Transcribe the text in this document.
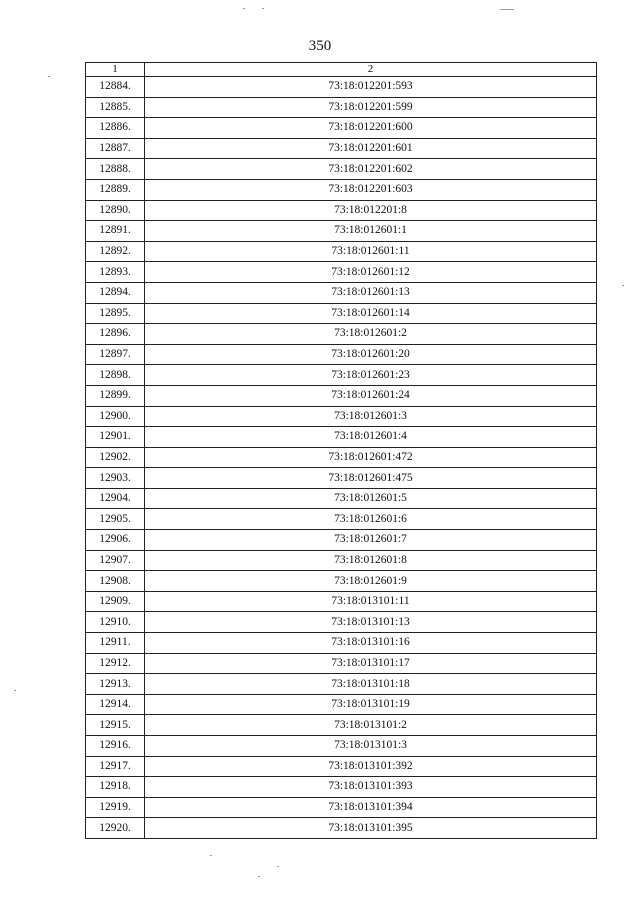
350
1	2
12884.	73:18:012201:593
12885.	73:18:012201:599
12886.	73:18:012201:600
12887.	73:18:012201:601
12888.	73:18:012201:602
12889.	73:18:012201:603
12890.	73:18:012201:8
12891.	73:18:012601:1
12892.	73:18:012601:11
12893.	73:18:012601:12
12894.	73:18:012601:13
12895.	73:18:012601:14
12896.	73:18:012601:2
12897.	73:18:012601:20
12898.	73:18:012601:23
12899.	73:18:012601:24
12900.	73:18:012601:3
12901.	73:18:012601:4
12902.	73:18:012601:472
12903.	73:18:012601:475
12904.	73:18:012601:5
12905.	73:18:012601:6
12906.	73:18:012601:7
12907.	73:18:012601:8
12908.	73:18:012601:9
12909.	73:18:013101:11
12910.	73:18:013101:13
12911.	73:18:013101:16
12912.	73:18:013101:17
12913.	73:18:013101:18
12914.	73:18:013101:19
12915.	73:18:013101:2
12916.	73:18:013101:3
12917.	73:18:013101:392
12918.	73:18:013101:393
12919.	73:18:013101:394
12920.	73:18:013101:395
